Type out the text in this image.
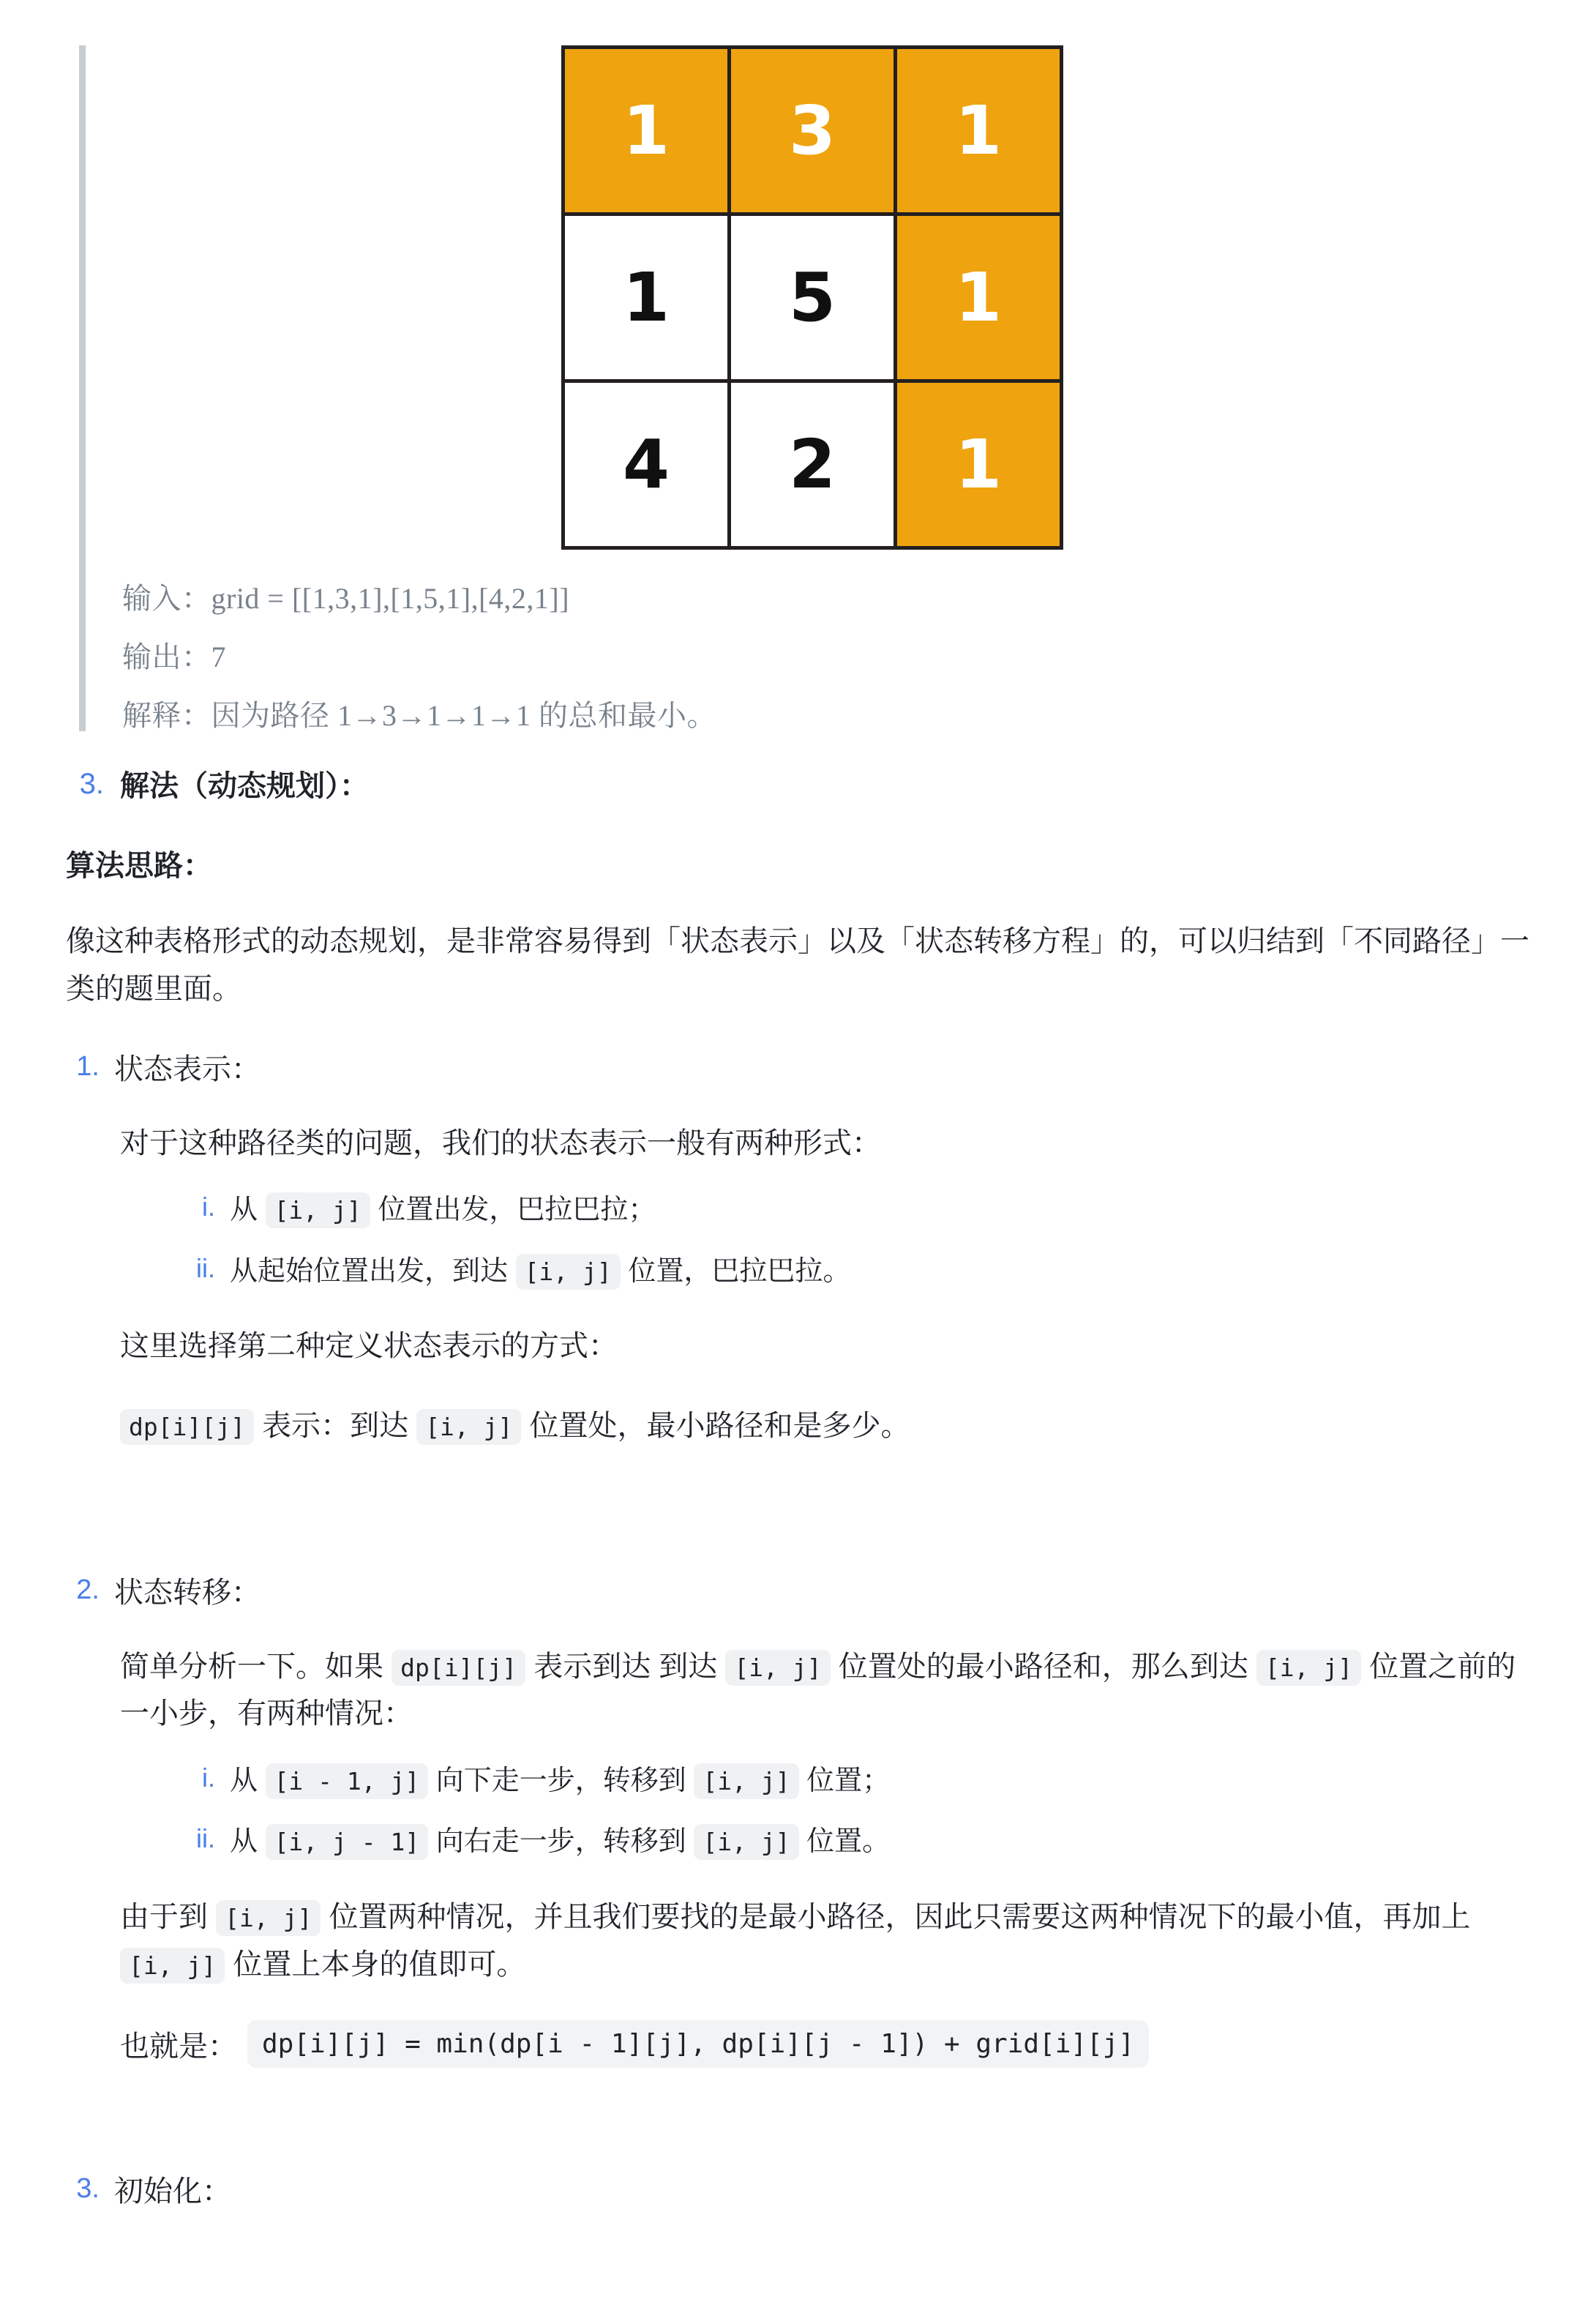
1	3	1
1	5	1
4	2	1

输入：grid = [[1,3,1],[1,5,1],[4,2,1]]

输出：7

解释：因为路径 1→3→1→1→1 的总和最小。

3. 解法（动态规划）：
算法思路：

像这种表格形式的动态规划，是非常容易得到「状态表示」以及「状态转移方程」的，可以归结到「不同路径」一类的题里面。

1. 状态表示：

对于这种路径类的问题，我们的状态表示一般有两种形式：

i. 从 [i, j] 位置出发，巴拉巴拉；
ii. 从起始位置出发，到达 [i, j] 位置，巴拉巴拉。

这里选择第二种定义状态表示的方式：

dp[i][j] 表示：到达 [i, j] 位置处，最小路径和是多少。

2. 状态转移：

简单分析一下。如果 dp[i][j] 表示到达 到达 [i, j] 位置处的最小路径和，那么到达 [i, j] 位置之前的一小步，有两种情况：

i. 从 [i - 1, j] 向下走一步，转移到 [i, j] 位置；
ii. 从 [i, j - 1] 向右走一步，转移到 [i, j] 位置。

由于到 [i, j] 位置两种情况，并且我们要找的是最小路径，因此只需要这两种情况下的最小值，再加上 [i, j] 位置上本身的值即可。

也就是： dp[i][j] = min(dp[i - 1][j], dp[i][j - 1]) + grid[i][j]
3. 初始化：
